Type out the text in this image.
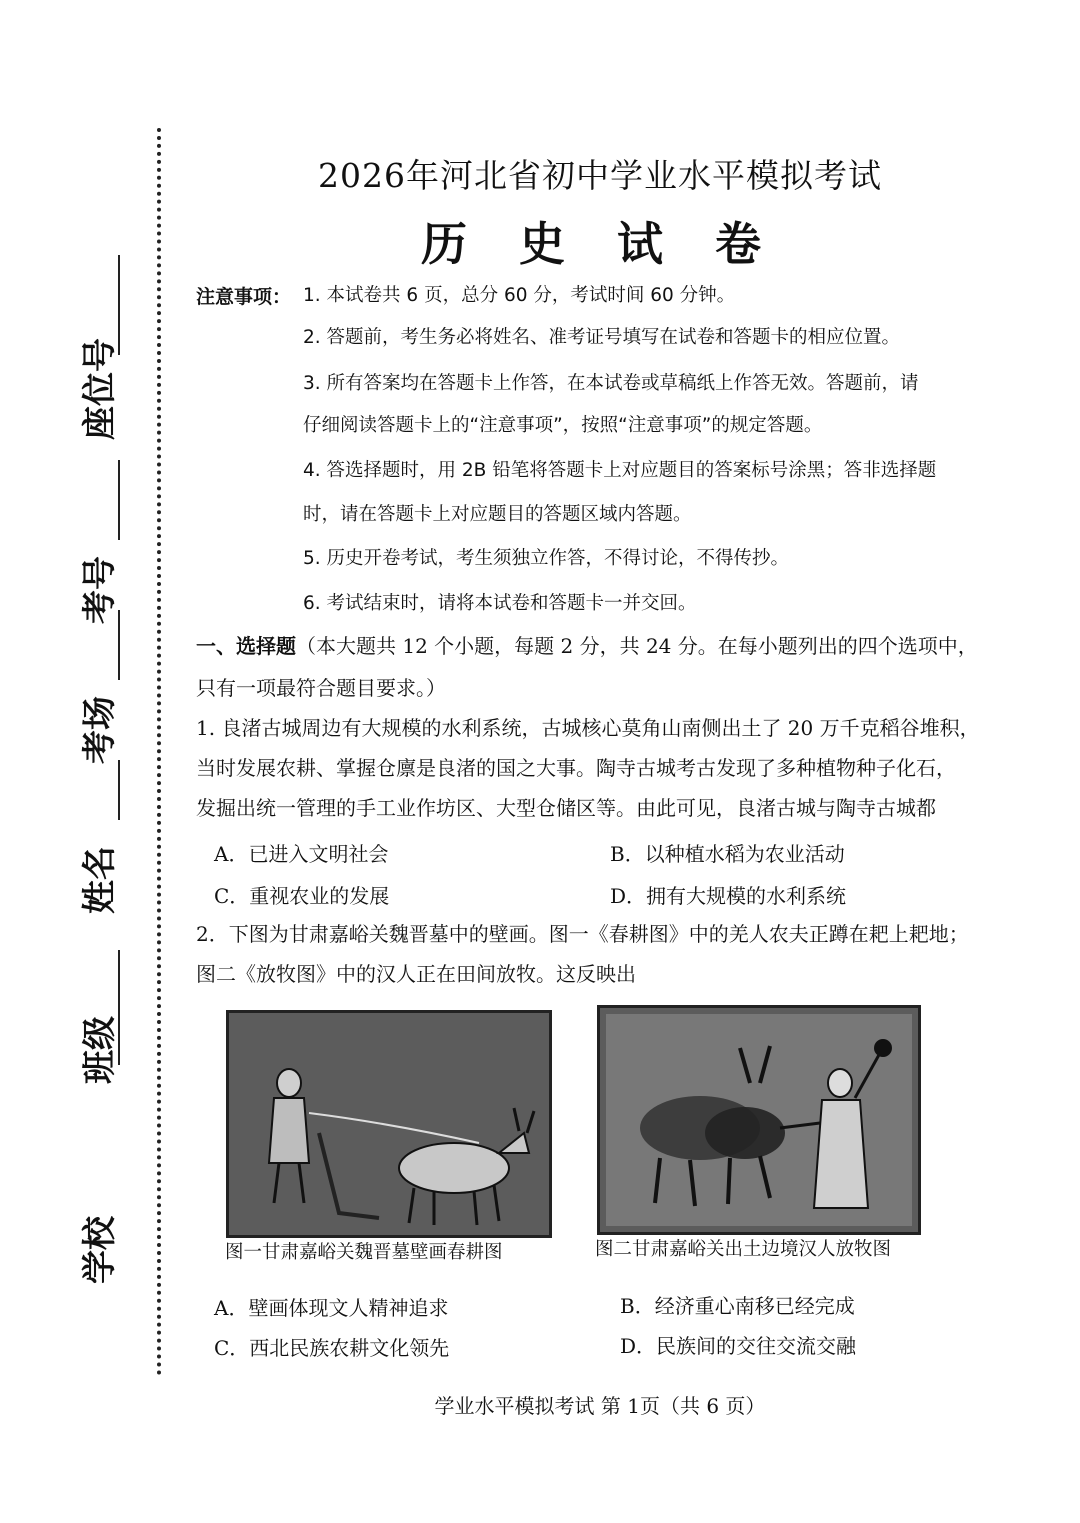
学校
班级
姓名
考场
考号
座位号
2026年河北省初中学业水平模拟考试
历 史 试 卷
注意事项： 1. 本试卷共 6 页，总分 60 分，考试时间 60 分钟。
2. 答题前，考生务必将姓名、准考证号填写在试卷和答题卡的相应位置。
3. 所有答案均在答题卡上作答，在本试卷或草稿纸上作答无效。答题前，请
仔细阅读答题卡上的“注意事项”，按照“注意事项”的规定答题。
4. 答选择题时，用 2B 铅笔将答题卡上对应题目的答案标号涂黑；答非选择题
时，请在答题卡上对应题目的答题区域内答题。
5. 历史开卷考试，考生须独立作答，不得讨论，不得传抄。
6. 考试结束时，请将本试卷和答题卡一并交回。
一、选择题（本大题共 12 个小题，每题 2 分，共 24 分。在每小题列出的四个选项中，
只有一项最符合题目要求。）
1. 良渚古城周边有大规模的水利系统，古城核心莫角山南侧出土了 20 万千克稻谷堆积，
当时发展农耕、掌握仓廪是良渚的国之大事。陶寺古城考古发现了多种植物种子化石，
发掘出统一管理的手工业作坊区、大型仓储区等。由此可见，良渚古城与陶寺古城都
A．已进入文明社会	B．以种植水稻为农业活动
C．重视农业的发展	D．拥有大规模的水利系统
2．下图为甘肃嘉峪关魏晋墓中的壁画。图一《春耕图》中的羌人农夫正蹲在耙上耙地；
图二《放牧图》中的汉人正在田间放牧。这反映出
图一甘肃嘉峪关魏晋墓壁画春耕图	图二甘肃嘉峪关出土边境汉人放牧图
A．壁画体现文人精神追求	B．经济重心南移已经完成
C．西北民族农耕文化领先	D．民族间的交往交流交融
学业水平模拟考试 第 1页（共 6 页）
